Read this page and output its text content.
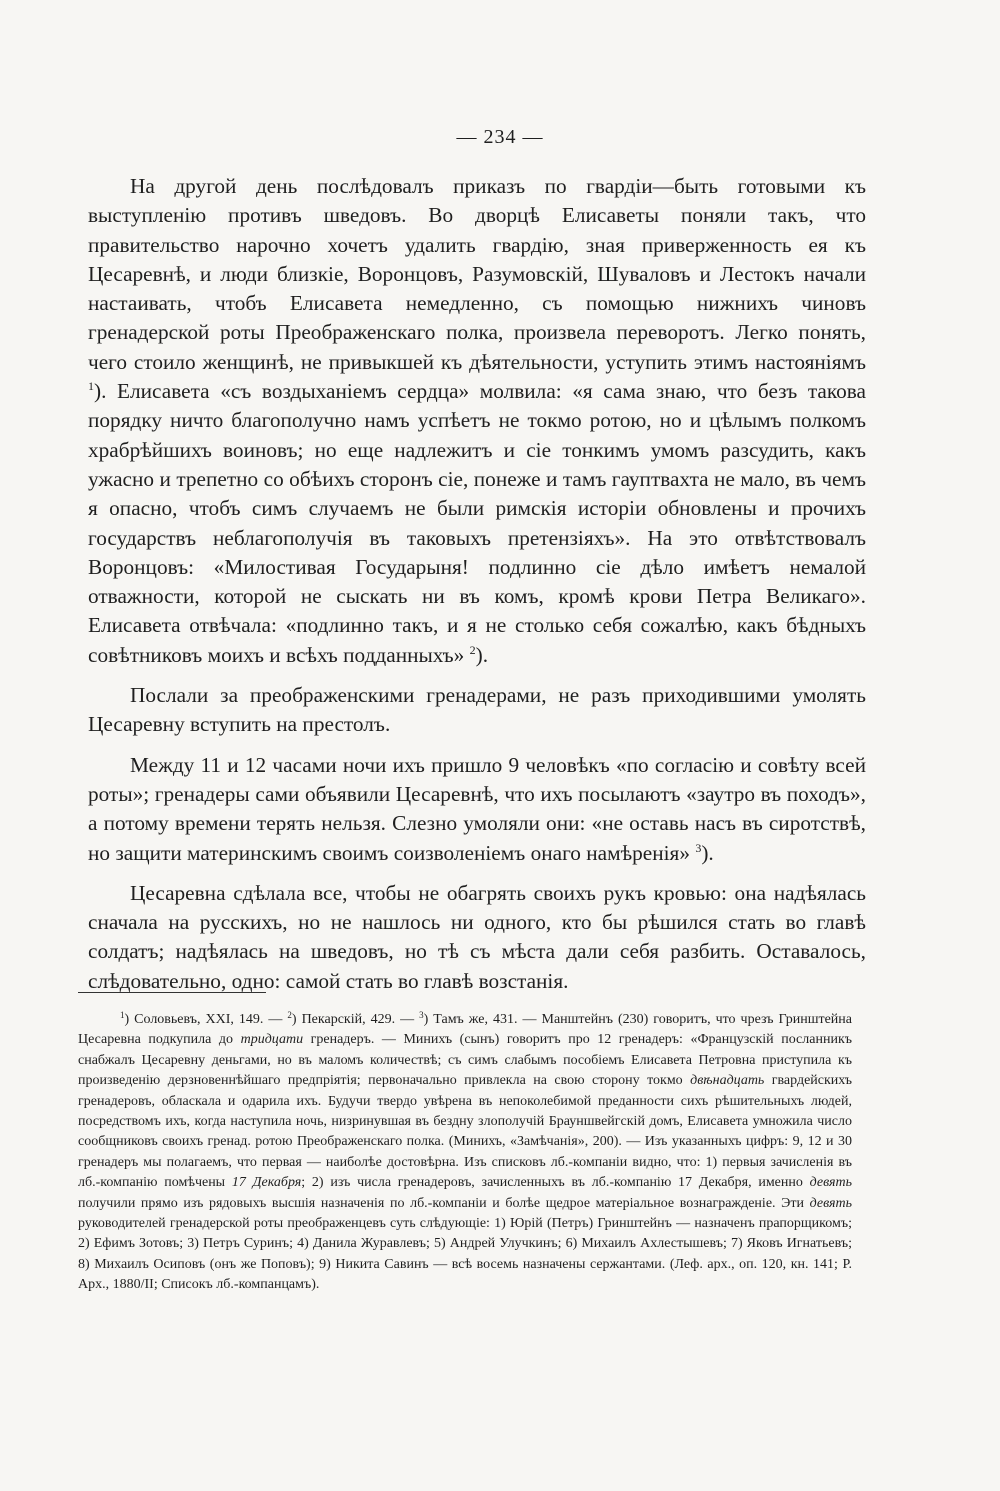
— 234 —

На другой день послѣдовалъ приказъ по гвардіи—быть готовыми къ выступленію противъ шведовъ. Во дворцѣ Елисаветы поняли такъ, что правительство нарочно хочетъ удалить гвардію, зная приверженность ея къ Цесаревнѣ, и люди близкіе, Воронцовъ, Разумовскій, Шуваловъ и Лестокъ начали настаивать, чтобъ Елисавета немедленно, съ помощью нижнихъ чиновъ гренадерской роты Преображенскаго полка, произвела переворотъ. Легко понять, чего стоило женщинѣ, не привыкшей къ дѣятельности, уступить этимъ настояніямъ $^1$). Елисавета «съ воздыханіемъ сердца» молвила: «я сама знаю, что безъ такова порядку ничто благополучно намъ успѣетъ не токмо ротою, но и цѣлымъ полкомъ храбрѣйшихъ воиновъ; но еще надлежитъ и сіе тонкимъ умомъ разсудить, какъ ужасно и трепетно со обѣихъ сторонъ сіе, понеже и тамъ гауптвахта не мало, въ чемъ я опасно, чтобъ симъ случаемъ не были римскія исторіи обновлены и прочихъ государствъ неблагополучія въ таковыхъ претензіяхъ». На это отвѣтствовалъ Воронцовъ: «Милостивая Государыня! подлинно сіе дѣло имѣетъ немалой отважности, которой не сыскать ни въ комъ, кромѣ крови Петра Великаго». Елисавета отвѣчала: «подлинно такъ, и я не столько себя сожалѣю, какъ бѣдныхъ совѣтниковъ моихъ и всѣхъ подданныхъ» $^2$).

Послали за преображенскими гренадерами, не разъ приходившими умолять Цесаревну вступить на престолъ.

Между 11 и 12 часами ночи ихъ пришло 9 человѣкъ «по согласію и совѣту всей роты»; гренадеры сами объявили Цесаревнѣ, что ихъ посылаютъ «заутро въ походъ», а потому времени терять нельзя. Слезно умоляли они: «не оставь насъ въ сиротствѣ, но защити материнскимъ своимъ соизволеніемъ онаго намѣренія» $^3$).

Цесаревна сдѣлала все, чтобы не обагрять своихъ рукъ кровью: она надѣялась сначала на русскихъ, но не нашлось ни одного, кто бы рѣшился стать во главѣ солдатъ; надѣялась на шведовъ, но тѣ съ мѣста дали себя разбить. Оставалось, слѣдовательно, одно: самой стать во главѣ возстанія.

$^1$) Соловьевъ, XXI, 149. — $^2$) Пекарскій, 429. — $^3$) Тамъ же, 431. — Манштейнъ (230) говоритъ, что чрезъ Гринштейна Цесаревна подкупила до тридцати гренадеръ. — Минихъ (сынъ) говоритъ про 12 гренадеръ: «Французскій посланникъ снабжалъ Цесаревну деньгами, но въ маломъ количествѣ; съ симъ слабымъ пособіемъ Елисавета Петровна приступила къ произведенію дерзновеннѣйшаго предпріятія; первоначально привлекла на свою сторону токмо двѣнадцать гвардейскихъ гренадеровъ, обласкала и одарила ихъ. Будучи твердо увѣрена въ непоколебимой преданности сихъ рѣшительныхъ людей, посредствомъ ихъ, когда наступила ночь, низринувшая въ бездну злополучій Брауншвейгскій домъ, Елисавета умножила число сообщниковъ своихъ гренад. ротою Преображенскаго полка. (Минихъ, «Замѣчанія», 200). — Изъ указанныхъ цифръ: 9, 12 и 30 гренадеръ мы полагаемъ, что первая — наиболѣе достовѣрна. Изъ списковъ лб.-компаніи видно, что: 1) первыя зачисленія въ лб.-компанію помѣчены 17 Декабря; 2) изъ числа гренадеровъ, зачисленныхъ въ лб.-компанію 17 Декабря, именно девять получили прямо изъ рядовыхъ высшія назначенія по лб.-компаніи и болѣе щедрое матеріальное вознагражденіе. Эти девять руководителей гренадерской роты преображенцевъ суть слѣдующіе: 1) Юрій (Петръ) Гринштейнъ — назначенъ прапорщикомъ; 2) Ефимъ Зотовъ; 3) Петръ Суринъ; 4) Данила Журавлевъ; 5) Андрей Улучкинъ; 6) Михаилъ Ахлестышевъ; 7) Яковъ Игнатьевъ; 8) Михаилъ Осиповъ (онъ же Поповъ); 9) Никита Савинъ — всѣ восемь назначены сержантами. (Леф. арх., оп. 120, кн. 141; Р. Арх., 1880/II; Списокъ лб.-компанцамъ).
